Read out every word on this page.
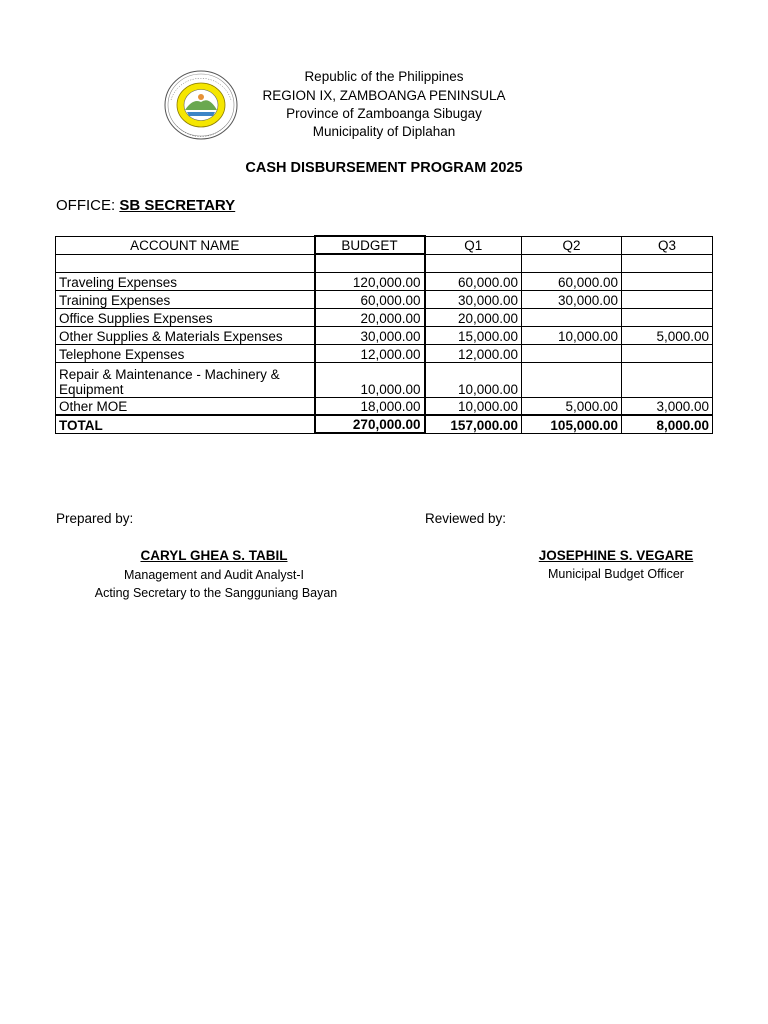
Republic of the Philippines
REGION IX, ZAMBOANGA PENINSULA
Province of Zamboanga Sibugay
Municipality of Diplahan
CASH DISBURSEMENT PROGRAM 2025
OFFICE: SB SECRETARY
ACCOUNT NAME	BUDGET	Q1	Q2	Q3

Traveling Expenses	120,000.00	60,000.00	60,000.00	
Training Expenses	60,000.00	30,000.00	30,000.00	
Office Supplies Expenses	20,000.00	20,000.00		
Other Supplies & Materials Expenses	30,000.00	15,000.00	10,000.00	5,000.00
Telephone Expenses	12,000.00	12,000.00		

Repair & Maintenance - Machinery &
Equipment	10,000.00	10,000.00		
Other MOE	18,000.00	10,000.00	5,000.00	3,000.00
TOTAL	270,000.00	157,000.00	105,000.00	8,000.00
Prepared by:	Reviewed by:
CARYL GHEA S. TABIL
Management and Audit Analyst-I
Acting Secretary to the Sangguniang Bayan
JOSEPHINE S. VEGARE
Municipal Budget Officer
